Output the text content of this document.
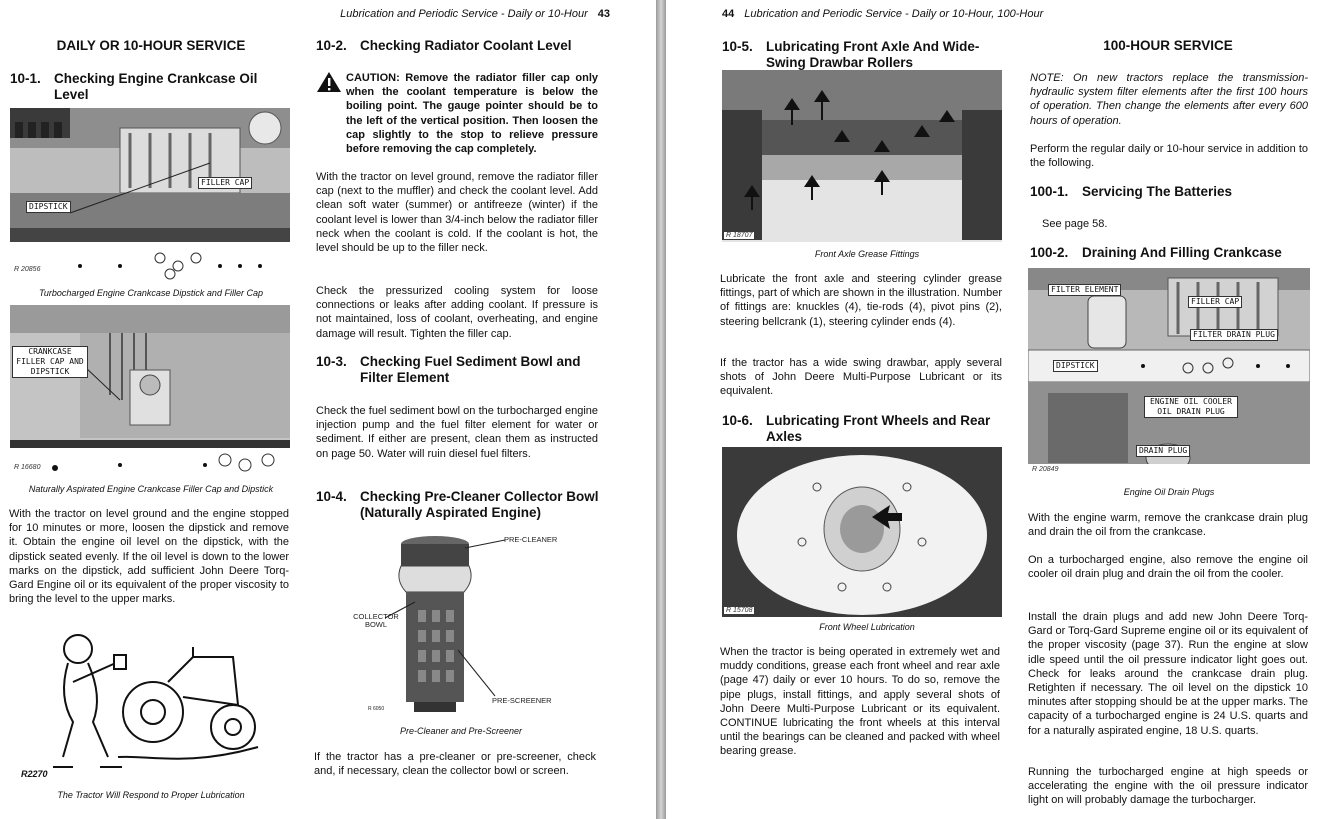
Lubrication and Periodic Service - Daily or 10-Hour 43
DAILY OR 10-HOUR SERVICE
10-1. Checking Engine Crankcase Oil Level
FILLER CAP
DIPSTICK
R 20856
Turbocharged Engine Crankcase Dipstick and Filler Cap
CRANKCASE FILLER CAP AND DIPSTICK
R 16680
Naturally Aspirated Engine Crankcase Filler Cap and Dipstick
With the tractor on level ground and the engine stopped for 10 minutes or more, loosen the dipstick and remove it. Obtain the engine oil level on the dipstick, with the dipstick seated evenly. If the oil level is down to the lower marks on the dipstick, add sufficient John Deere Torq-Gard Engine oil or its equivalent of the proper viscosity to bring the level to the upper marks.
R2270
The Tractor Will Respond to Proper Lubrication
10-2. Checking Radiator Coolant Level
CAUTION: Remove the radiator filler cap only when the coolant temperature is below the boiling point. The gauge pointer should be to the left of the vertical position. Then loosen the cap slightly to the stop to relieve pressure before removing the cap completely.
With the tractor on level ground, remove the radiator filler cap (next to the muffler) and check the coolant level. Add clean soft water (summer) or antifreeze (winter) if the coolant level is lower than 3/4-inch below the radiator filler neck when the coolant is cold. If the coolant is hot, the level should be up to the filler neck.
Check the pressurized cooling system for loose connections or leaks after adding coolant. If pressure is not maintained, loss of coolant, overheating, and engine damage will result. Tighten the filler cap.
10-3. Checking Fuel Sediment Bowl and Filter Element
Check the fuel sediment bowl on the turbocharged engine injection pump and the fuel filter element for water or sediment. If either are present, clean them as instructed on page 50. Water will ruin diesel fuel filters.
10-4. Checking Pre-Cleaner Collector Bowl (Naturally Aspirated Engine)
PRE-CLEANER
COLLECTOR BOWL
PRE-SCREENER
R 6050
Pre-Cleaner and Pre-Screener
If the tractor has a pre-cleaner or pre-screener, check and, if necessary, clean the collector bowl or screen.
44 Lubrication and Periodic Service - Daily or 10-Hour, 100-Hour
10-5. Lubricating Front Axle And Wide-Swing Drawbar Rollers
R 18707
Front Axle Grease Fittings
Lubricate the front axle and steering cylinder grease fittings, part of which are shown in the illustration. Number of fittings are: knuckles (4), tie-rods (4), pivot pins (2), steering bellcrank (1), steering cylinder ends (4).
If the tractor has a wide swing drawbar, apply several shots of John Deere Multi-Purpose Lubricant or its equivalent.
10-6. Lubricating Front Wheels and Rear Axles
R 15708
Front Wheel Lubrication
When the tractor is being operated in extremely wet and muddy conditions, grease each front wheel and rear axle (page 47) daily or ever 10 hours. To do so, remove the pipe plugs, install fittings, and apply several shots of John Deere Multi-Purpose Lubricant or its equivalent. CONTINUE lubricating the front wheels at this interval until the bearings can be cleaned and packed with wheel bearing grease.
100-HOUR SERVICE
NOTE: On new tractors replace the transmission-hydraulic system filter elements after the first 100 hours of operation. Then change the elements after every 600 hours of operation.
Perform the regular daily or 10-hour service in addition to the following.
100-1.	Servicing The Batteries
See page 58.
100-2.	Draining And Filling Crankcase
FILTER ELEMENT
FILLER CAP
FILTER DRAIN PLUG
DIPSTICK
ENGINE OIL COOLER OIL DRAIN PLUG
DRAIN PLUG
R 20849
Engine Oil Drain Plugs
With the engine warm, remove the crankcase drain plug and drain the oil from the crankcase.
On a turbocharged engine, also remove the engine oil cooler oil drain plug and drain the oil from the cooler.
Install the drain plugs and add new John Deere Torq-Gard or Torq-Gard Supreme engine oil or its equivalent of the proper viscosity (page 37). Run the engine at slow idle speed until the oil pressure indicator light goes out. Check for leaks around the crankcase drain plug. Retighten if necessary. The oil level on the dipstick 10 minutes after stopping should be at the upper marks. The capacity of a turbocharged engine is 24 U.S. quarts and for a naturally aspirated engine, 18 U.S. quarts.
Running the turbocharged engine at high speeds or accelerating the engine with the oil pressure indicator light on will probably damage the turbocharger.
